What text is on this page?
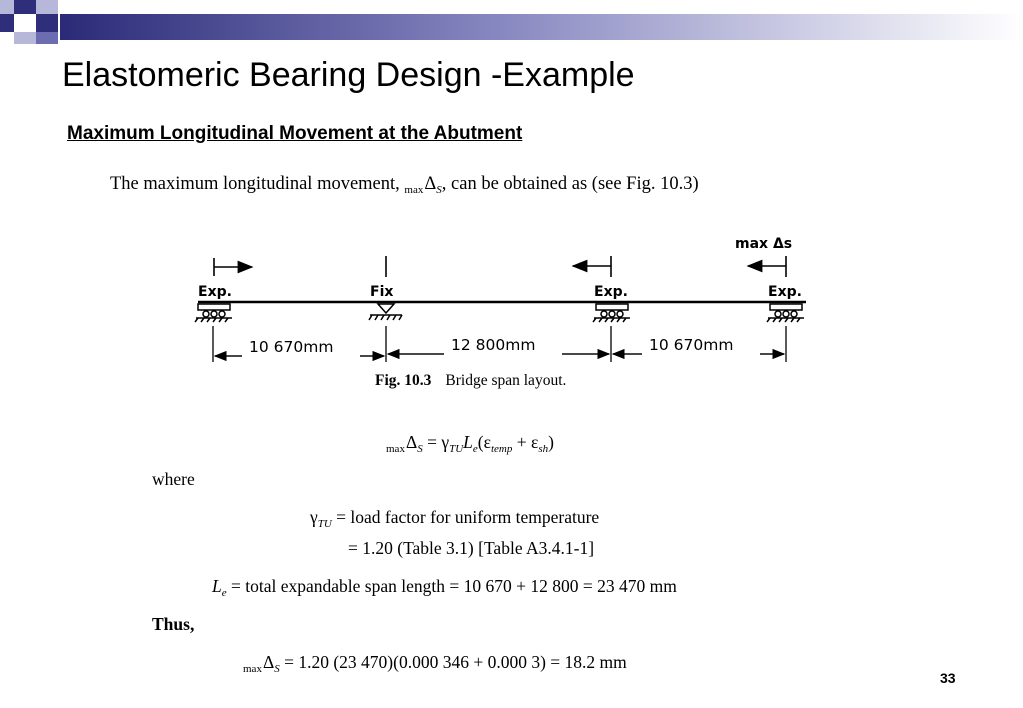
Elastomeric Bearing Design -Example
Maximum Longitudinal Movement at the Abutment
The maximum longitudinal movement, $_{max}\Delta_S$, can be obtained as (see Fig. 10.3)
max Δs
Exp.	Fix	Exp.	Exp.
10 670mm	12 800mm	10 670mm
Fig. 10.3 Bridge span layout.
$_{max}\Delta_S = \gamma_{TU}L_e(\varepsilon_{temp} + \varepsilon_{sh})$
where
$\gamma_{TU}$ = load factor for uniform temperature
= 1.20 (Table 3.1) [Table A3.4.1-1]
$L_e$ = total expandable span length = 10 670 + 12 800 = 23 470 mm
Thus,
$_{max}\Delta_S = 1.20$ (23 470)(0.000 346 + 0.000 3) = 18.2 mm
33
